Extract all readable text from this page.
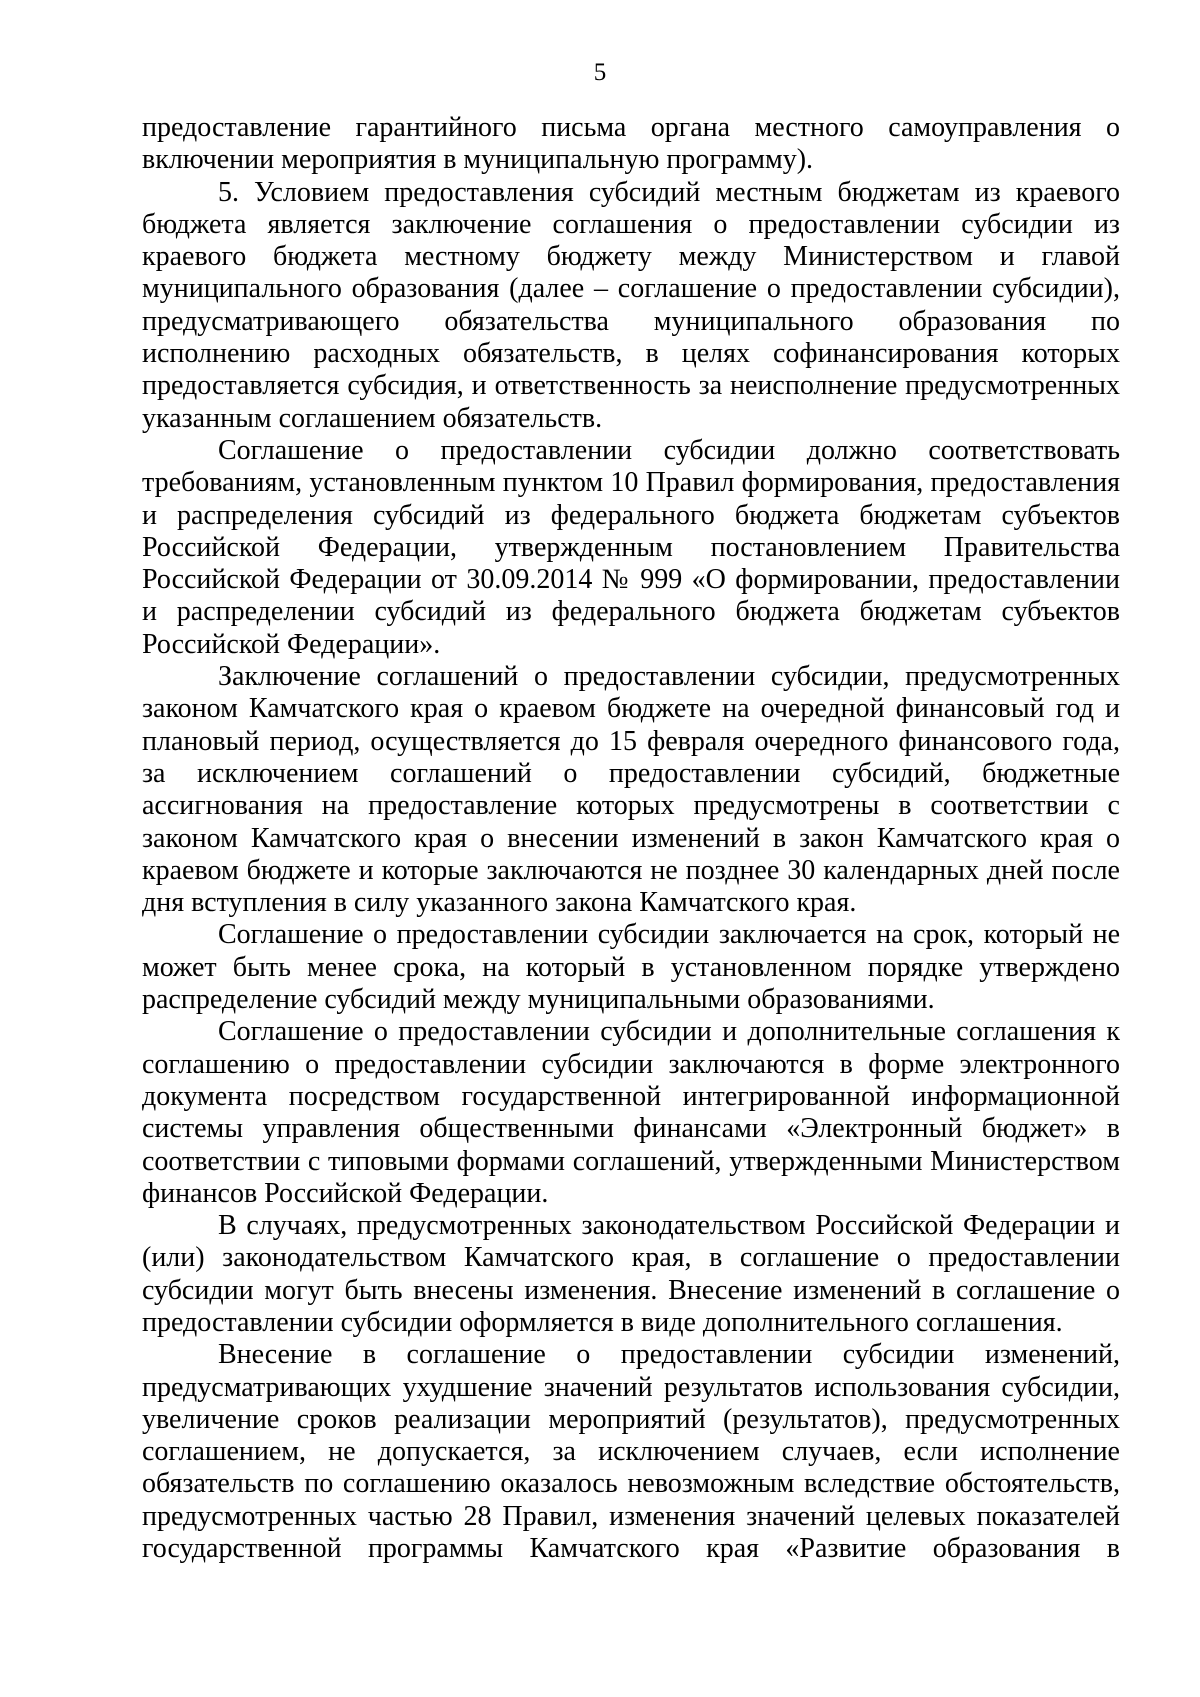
5

предоставление гарантийного письма органа местного самоуправления о включении мероприятия в муниципальную программу).

5. Условием предоставления субсидий местным бюджетам из краевого бюджета является заключение соглашения о предоставлении субсидии из краевого бюджета местному бюджету между Министерством и главой муниципального образования (далее – соглашение о предоставлении субсидии), предусматривающего обязательства муниципального образования по исполнению расходных обязательств, в целях софинансирования которых предоставляется субсидия, и ответственность за неисполнение предусмотренных указанным соглашением обязательств.

Соглашение о предоставлении субсидии должно соответствовать требованиям, установленным пунктом 10 Правил формирования, предоставления и распределения субсидий из федерального бюджета бюджетам субъектов Российской Федерации, утвержденным постановлением Правительства Российской Федерации от 30.09.2014 № 999 «О формировании, предоставлении и распределении субсидий из федерального бюджета бюджетам субъектов Российской Федерации».

Заключение соглашений о предоставлении субсидии, предусмотренных законом Камчатского края о краевом бюджете на очередной финансовый год и плановый период, осуществляется до 15 февраля очередного финансового года, за исключением соглашений о предоставлении субсидий, бюджетные ассигнования на предоставление которых предусмотрены в соответствии с законом Камчатского края о внесении изменений в закон Камчатского края о краевом бюджете и которые заключаются не позднее 30 календарных дней после дня вступления в силу указанного закона Камчатского края.

Соглашение о предоставлении субсидии заключается на срок, который не может быть менее срока, на который в установленном порядке утверждено распределение субсидий между муниципальными образованиями.

Соглашение о предоставлении субсидии и дополнительные соглашения к соглашению о предоставлении субсидии заключаются в форме электронного документа посредством государственной интегрированной информационной системы управления общественными финансами «Электронный бюджет» в соответствии с типовыми формами соглашений, утвержденными Министерством финансов Российской Федерации.

В случаях, предусмотренных законодательством Российской Федерации и (или) законодательством Камчатского края, в соглашение о предоставлении субсидии могут быть внесены изменения. Внесение изменений в соглашение о предоставлении субсидии оформляется в виде дополнительного соглашения.

Внесение в соглашение о предоставлении субсидии изменений, предусматривающих ухудшение значений результатов использования субсидии, увеличение сроков реализации мероприятий (результатов), предусмотренных соглашением, не допускается, за исключением случаев, если исполнение обязательств по соглашению оказалось невозможным вследствие обстоятельств, предусмотренных частью 28 Правил, изменения значений целевых показателей государственной программы Камчатского края «Развитие образования в
